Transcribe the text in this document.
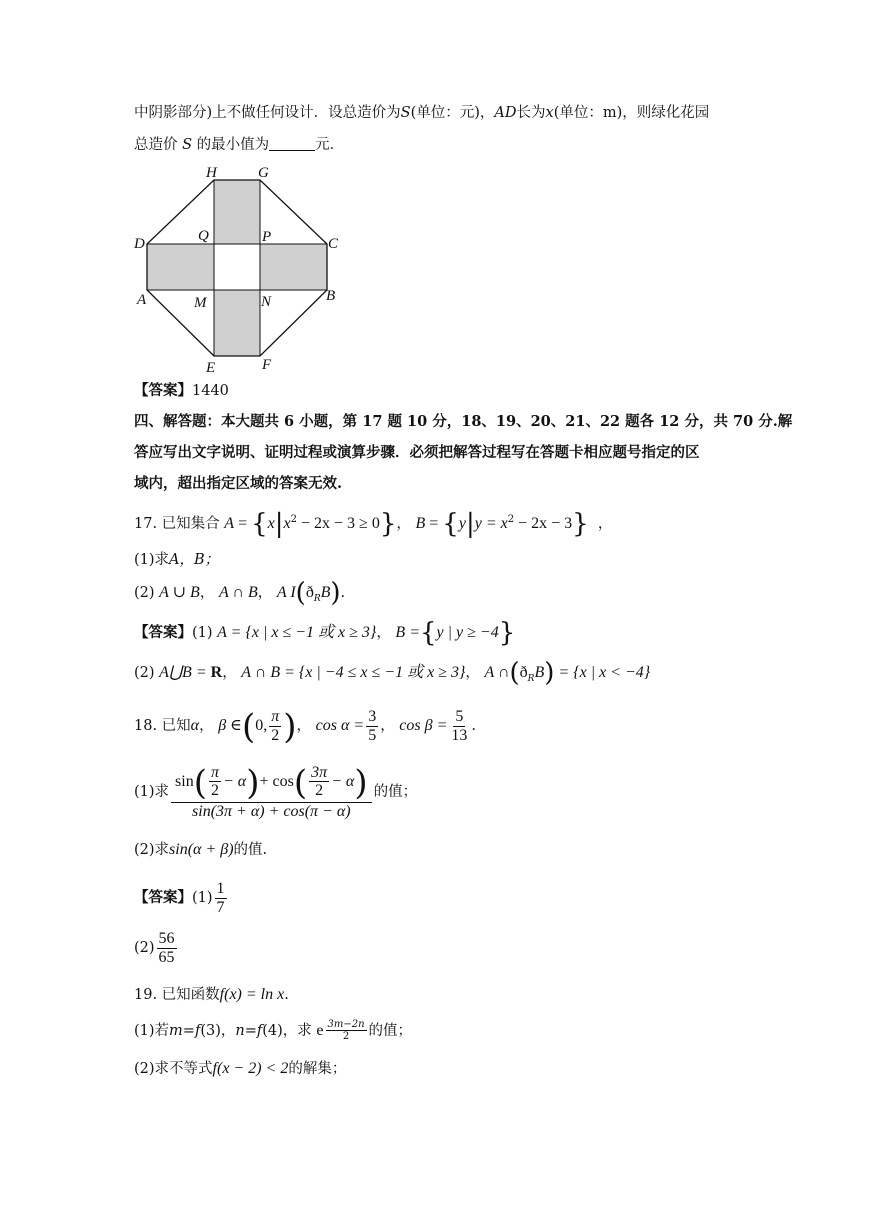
中阴影部分)上不做任何设计．设总造价为S(单位：元)，AD长为x(单位：m)，则绿化花园
总造价 S 的最小值为	元．
H	G
D	Q	P	C
A	M	N	B
E	F
【答案】1440
四、解答题：本大题共 6 小题，第 17 题 10 分，18、19、20、21、22 题各 12 分，共 70 分.解
答应写出文字说明、证明过程或演算步骤．必须把解答过程写在答题卡相应题号指定的区
域内，超出指定区域的答案无效.
17. 已知集合 $A = \{x|x^2 - 2x - 3 \ge 0\}$， $B = \{y|y = x^2 - 2x - 3\}$ ，
(1)求A，B；
(2) A ∪ B， A ∩ B， A $I(ð_RB)$.
【答案】(1) A = {x | x ≤ −1 或 x ≥ 3}， B ={y | y ≥ −4}
(2) A⋃B = R， A ∩ B = {x | −4 ≤ x ≤ −1 或 x ≥ 3}， A $\cap(ð_RB) = \{x$ | x < −4}
18. 已知α， β ∈(0, $\frac{\pi}{2}$ )， $\cos \alpha = \frac{3}{5}$ ， $\cos \beta = \frac{5}{13}$ .
(1)求 $\frac{\sin( \frac{\pi}{2} - \alpha)+ \cos( \frac{3\pi}{2} - \alpha)}{\sin(3\pi + \alpha) + \cos(\pi - \alpha)}$ 的值；
(2)求sin(α + β)的值.
【答案】$(1) \frac{1}{7}$
$(2) \frac{56}{65}$
19. 已知函数f(x) = ln x.
(1)若m=f(3)，n=f(4)，求 e $\frac{3m-2n}{2}$ 的值；
(2)求不等式f(x − 2) < 2的解集；
